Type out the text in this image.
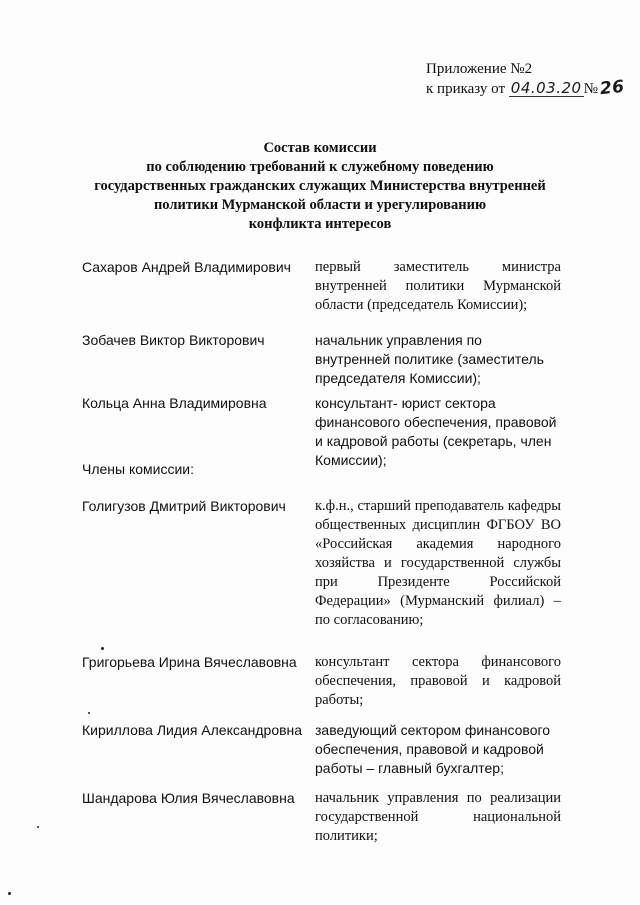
Приложение №2
к приказу от 04.03.20 №26
Состав комиссии
по соблюдению требований к служебному поведению
государственных гражданских служащих Министерства внутренней
политики Мурманской области и урегулированию
конфликта интересов
Сахаров Андрей Владимирович	первый заместитель министра внутренней политики Мурманской области (председатель Комиссии);
Зобачев Виктор Викторович	начальник управления по внутренней политике (заместитель председателя Комиссии);
Кольца Анна Владимировна	консультант- юрист сектора финансового обеспечения, правовой и кадровой работы (секретарь, член Комиссии);
Члены комиссии:
Голигузов Дмитрий Викторович	к.ф.н., старший преподаватель кафедры общественных дисциплин ФГБОУ ВО «Российская академия народного хозяйства и государственной службы при Президенте Российской Федерации» (Мурманский филиал) – по согласованию;
Григорьева Ирина Вячеславовна	консультант сектора финансового обеспечения, правовой и кадровой работы;
Кириллова Лидия Александровна заведующий сектором финансового обеспечения, правовой и кадровой работы – главный бухгалтер;
Шандарова Юлия Вячеславовна	начальник управления по реализации государственной национальной политики;
